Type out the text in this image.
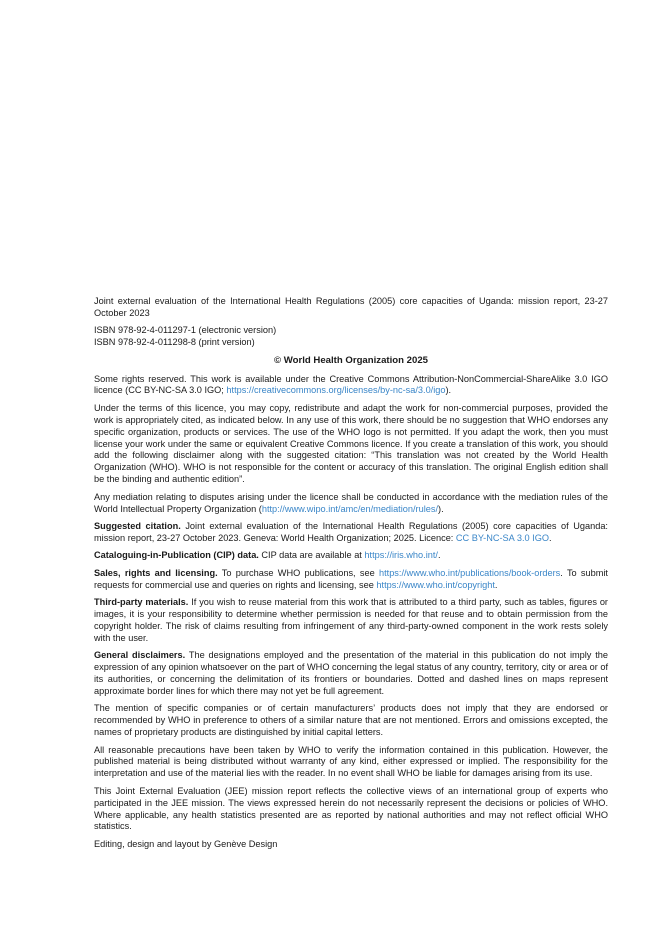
Joint external evaluation of the International Health Regulations (2005) core capacities of Uganda: mission report, 23-27 October 2023

ISBN 978-92-4-011297-1 (electronic version)

ISBN 978-92-4-011298-8 (print version)

© World Health Organization 2025

Some rights reserved. This work is available under the Creative Commons Attribution-NonCommercial-ShareAlike 3.0 IGO licence (CC BY-NC-SA 3.0 IGO; https://creativecommons.org/licenses/by-nc-sa/3.0/igo).

Under the terms of this licence, you may copy, redistribute and adapt the work for non-commercial purposes, provided the work is appropriately cited, as indicated below. In any use of this work, there should be no suggestion that WHO endorses any specific organization, products or services. The use of the WHO logo is not permitted. If you adapt the work, then you must license your work under the same or equivalent Creative Commons licence. If you create a translation of this work, you should add the following disclaimer along with the suggested citation: “This translation was not created by the World Health Organization (WHO). WHO is not responsible for the content or accuracy of this translation. The original English edition shall be the binding and authentic edition”.

Any mediation relating to disputes arising under the licence shall be conducted in accordance with the mediation rules of the World Intellectual Property Organization (http://www.wipo.int/amc/en/mediation/rules/).

Suggested citation. Joint external evaluation of the International Health Regulations (2005) core capacities of Uganda: mission report, 23-27 October 2023. Geneva: World Health Organization; 2025. Licence: CC BY-NC-SA 3.0 IGO.

Cataloguing-in-Publication (CIP) data. CIP data are available at https://iris.who.int/.

Sales, rights and licensing. To purchase WHO publications, see https://www.who.int/publications/book-orders. To submit requests for commercial use and queries on rights and licensing, see https://www.who.int/copyright.

Third-party materials. If you wish to reuse material from this work that is attributed to a third party, such as tables, figures or images, it is your responsibility to determine whether permission is needed for that reuse and to obtain permission from the copyright holder. The risk of claims resulting from infringement of any third-party-owned component in the work rests solely with the user.

General disclaimers. The designations employed and the presentation of the material in this publication do not imply the expression of any opinion whatsoever on the part of WHO concerning the legal status of any country, territory, city or area or of its authorities, or concerning the delimitation of its frontiers or boundaries. Dotted and dashed lines on maps represent approximate border lines for which there may not yet be full agreement.

The mention of specific companies or of certain manufacturers’ products does not imply that they are endorsed or recommended by WHO in preference to others of a similar nature that are not mentioned. Errors and omissions excepted, the names of proprietary products are distinguished by initial capital letters.

All reasonable precautions have been taken by WHO to verify the information contained in this publication. However, the published material is being distributed without warranty of any kind, either expressed or implied. The responsibility for the interpretation and use of the material lies with the reader. In no event shall WHO be liable for damages arising from its use.

This Joint External Evaluation (JEE) mission report reflects the collective views of an international group of experts who participated in the JEE mission. The views expressed herein do not necessarily represent the decisions or policies of WHO. Where applicable, any health statistics presented are as reported by national authorities and may not reflect official WHO statistics.

Editing, design and layout by Genève Design
